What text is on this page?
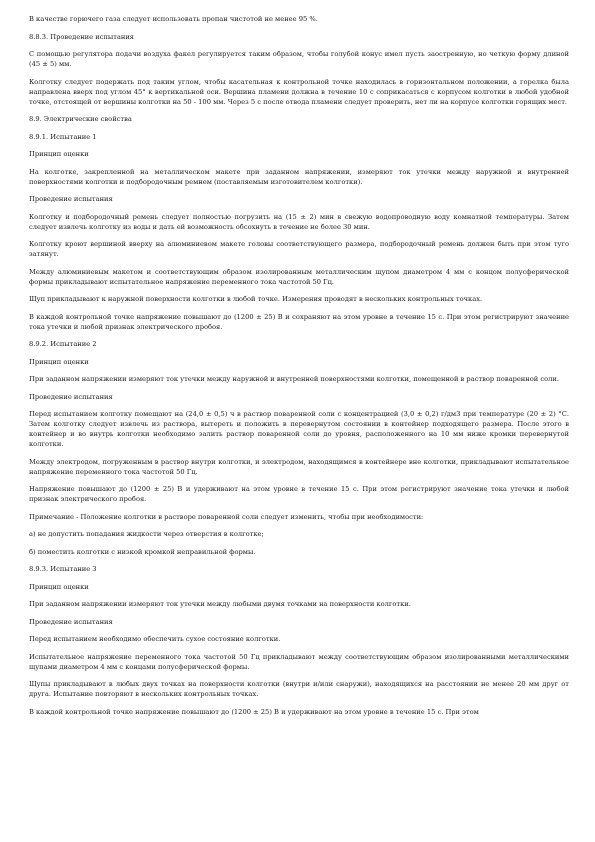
В качестве горючего газа следует использовать пропан чистотой не менее 95 %.

8.8.3. Проведение испытания

С помощью регулятора подачи воздуха факел регулируется таким образом, чтобы голубой конус имел пусть заостренную, но четкую форму длиной (45 ± 5) мм.

Колготку следует подержать под таким углом, чтобы касательная к контрольной точке находилась в горизонтальном положении, а горелка была направлена вверх под углом 45° к вертикальной оси. Вершина пламени должна в течение 10 с соприкасаться с корпусом колготки в любой удобной точке, отстоящей от вершины колготки на 50 - 100 мм. Через 5 с после отвода пламени следует проверить, нет ли на корпусе колготки горящих мест.

8.9. Электрические свойства

8.9.1. Испытание 1

Принцип оценки

На колготке, закрепленной на металлическом макете при заданном напряжении, измеряют ток утечки между наружной и внутренней поверхностями колготки и подбородочным ремнем (поставляемым изготовителем колготки).

Проведение испытания

Колготку и подбородочный ремень следует полностью погрузить на (15 ± 2) мин в свежую водопроводную воду комнатной температуры. Затем следует извлечь колготку из воды и дать ей возможность обсохнуть в течение не более 30 мин.

Колготку кроют вершиной вверху на алюминиевом макете головы соответствующего размера, подбородочный ремень должен быть при этом туго затянут.

Между алюминиевым макетом и соответствующим образом изолированным металлическим щупом диаметром 4 мм с концом полусферической формы прикладывают испытательное напряжение переменного тока частотой 50 Гц.

Щуп прикладывают к наружной поверхности колготки в любой точке. Измерения проводят в нескольких контрольных точках.

В каждой контрольной точке напряжение повышают до (1200 ± 25) В и сохраняют на этом уровне в течение 15 с. При этом регистрируют значение тока утечки и любой признак электрического пробоя.

8.9.2. Испытание 2

Принцип оценки

При заданном напряжении измеряют ток утечки между наружной и внутренней поверхностями колготки, помещенной в раствор поваренной соли.

Проведение испытания

Перед испытанием колготку помещают на (24,0 ± 0,5) ч в раствор поваренной соли с концентрацией (3,0 ± 0,2) г/дм3 при температуре (20 ± 2) °С. Затем колготку следует извлечь из раствора, вытереть и положить в перевернутом состоянии в контейнер подходящего размера. После этого в контейнер и во внутрь колготки необходимо залить раствор поваренной соли до уровня, расположенного на 10 мм ниже кромки перевернутой колготки.

Между электродом, погруженным в раствор внутри колготки, и электродом, находящимся в контейнере вне колготки, прикладывают испытательное напряжение переменного тока частотой 50 Гц.

Напряжение повышают до (1200 ± 25) В и удерживают на этом уровне в течение 15 с. При этом регистрируют значение тока утечки и любой признак электрического пробоя.

Примечание - Положение колготки в растворе поваренной соли следует изменить, чтобы при необходимости:

а) не допустить попадания жидкости через отверстия в колготке;

б) поместить колготки с низкой кромкой неправильной формы.

8.9.3. Испытание 3

Принцип оценки

При заданном напряжении измеряют ток утечки между любыми двумя точками на поверхности колготки.

Проведение испытания

Перед испытанием необходимо обеспечить сухое состояние колготки.

Испытательное напряжение переменного тока частотой 50 Гц прикладывают между соответствующим образом изолированными металлическими щупами диаметром 4 мм с концами полусферической формы.

Щупы прикладывают в любых двух точках на поверхности колготки (внутри и/или снаружи), находящихся на расстоянии не менее 20 мм друг от друга. Испытание повторяют в нескольких контрольных точках.

В каждой контрольной точке напряжение повышают до (1200 ± 25) В и удерживают на этом уровне в течение 15 с. При этом
